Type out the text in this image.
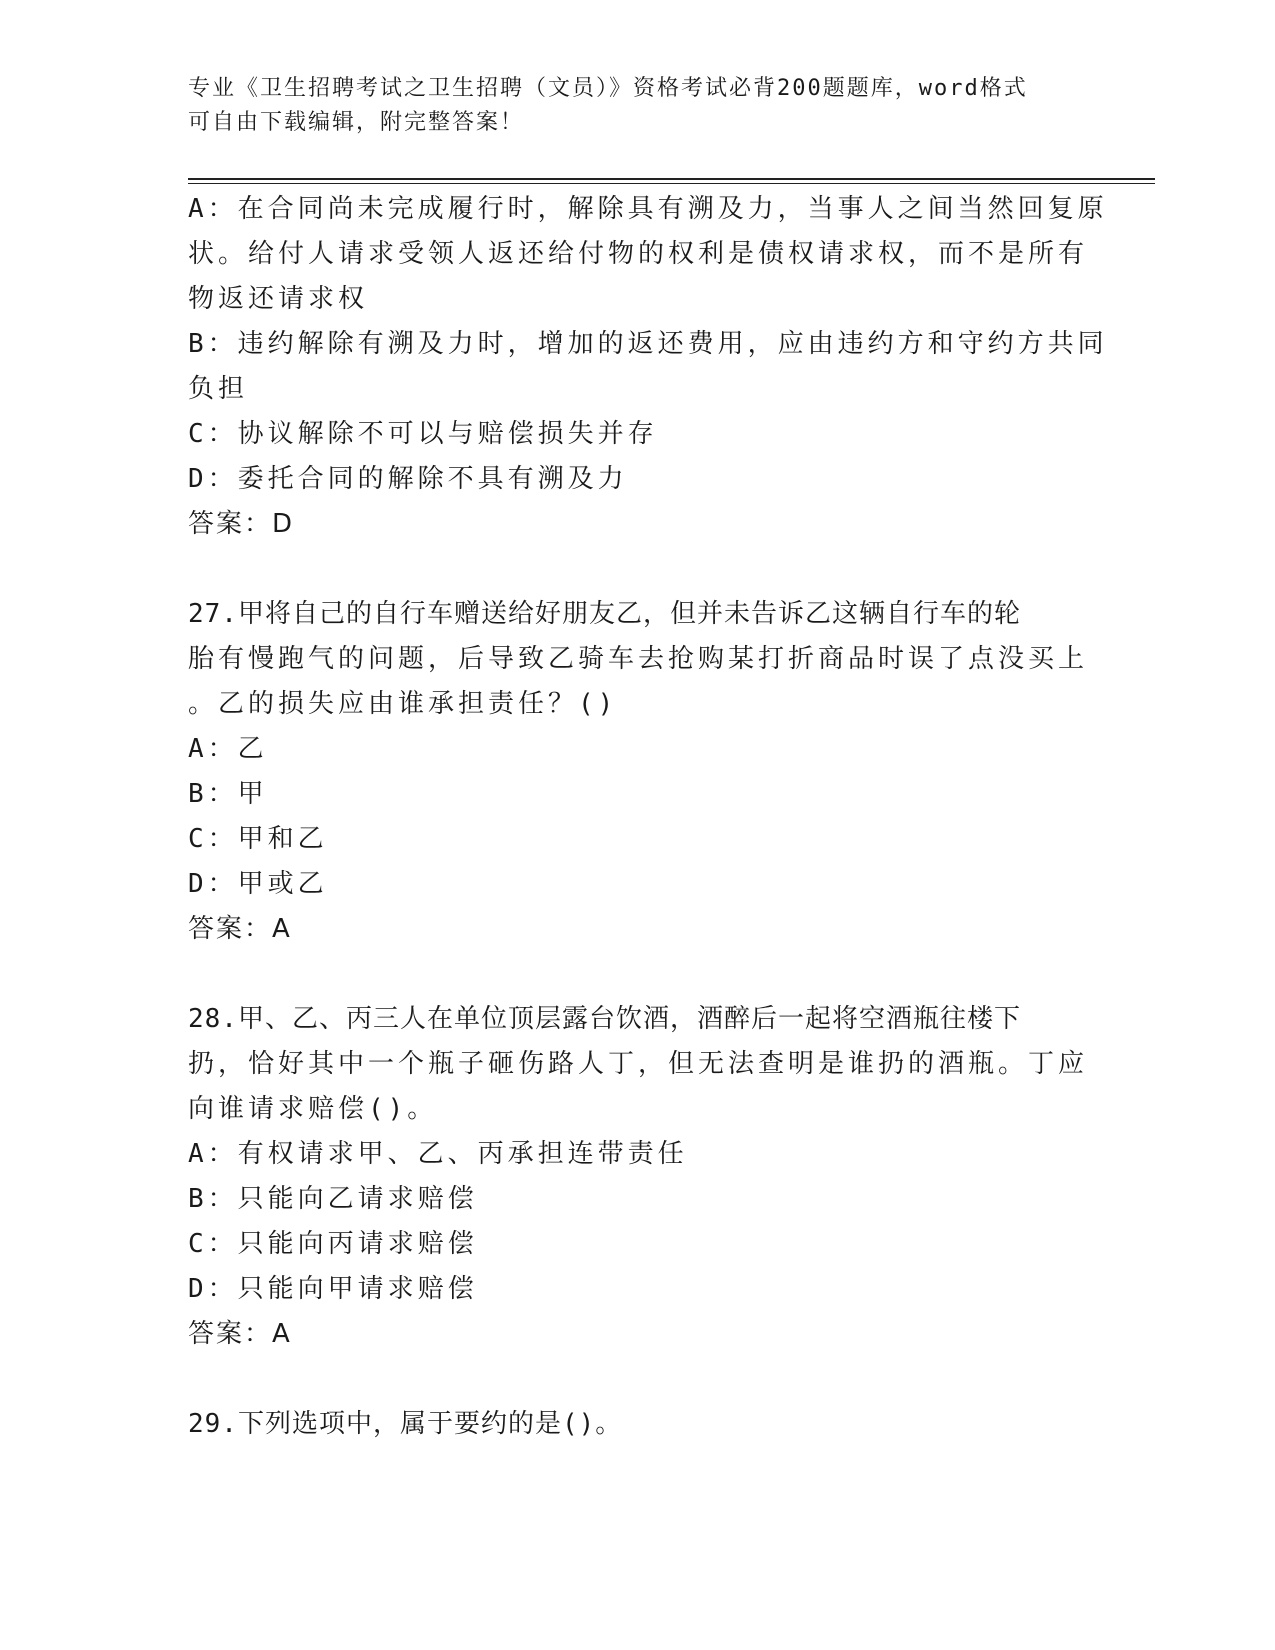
专业《卫生招聘考试之卫生招聘（文员）》资格考试必背200题题库，word格式
可自由下载编辑，附完整答案！
A：在合同尚未完成履行时，解除具有溯及力，当事人之间当然回复原
状。给付人请求受领人返还给付物的权利是债权请求权，而不是所有
物返还请求权
B：违约解除有溯及力时，增加的返还费用，应由违约方和守约方共同
负担
C：协议解除不可以与赔偿损失并存
D：委托合同的解除不具有溯及力
答案：D
27.甲将自己的自行车赠送给好朋友乙，但并未告诉乙这辆自行车的轮
胎有慢跑气的问题，后导致乙骑车去抢购某打折商品时误了点没买上
。乙的损失应由谁承担责任？()
A：乙
B：甲
C：甲和乙
D：甲或乙
答案：A
28.甲、乙、丙三人在单位顶层露台饮酒，酒醉后一起将空酒瓶往楼下
扔，恰好其中一个瓶子砸伤路人丁，但无法查明是谁扔的酒瓶。丁应
向谁请求赔偿()。
A：有权请求甲、乙、丙承担连带责任
B：只能向乙请求赔偿
C：只能向丙请求赔偿
D：只能向甲请求赔偿
答案：A
29.下列选项中，属于要约的是()。
